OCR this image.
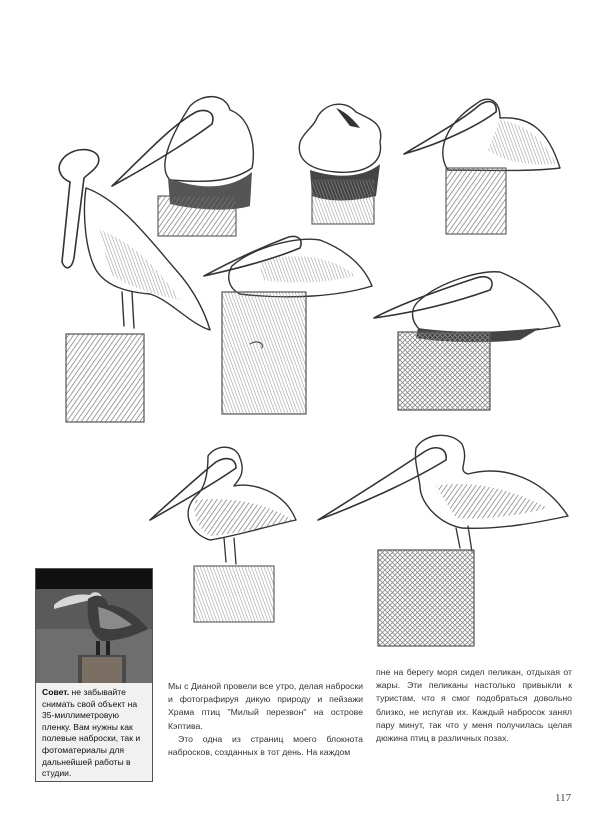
Совет. не забывайте снимать свой объект на 35-миллиметровую пленку. Вам нужны как полевые наброски, так и фотоматериалы для дальнейшей работы в студии.

Мы с Дианой провели все утро, делая наброски и фотографируя дикую природу и пейзажи Храма птиц "Милый перезвон" на острове Кэптива.

Это одна из страниц моего блокнота набросков, созданных в тот день. На каждом

пне на берегу моря сидел пеликан, отдыхая от жары. Эти пеликаны настолько привыкли к туристам, что я смог подобраться довольно близко, не испугав их. Каждый набросок занял пару минут, так что у меня получилась целая дюжина птиц в различных позах.

117
